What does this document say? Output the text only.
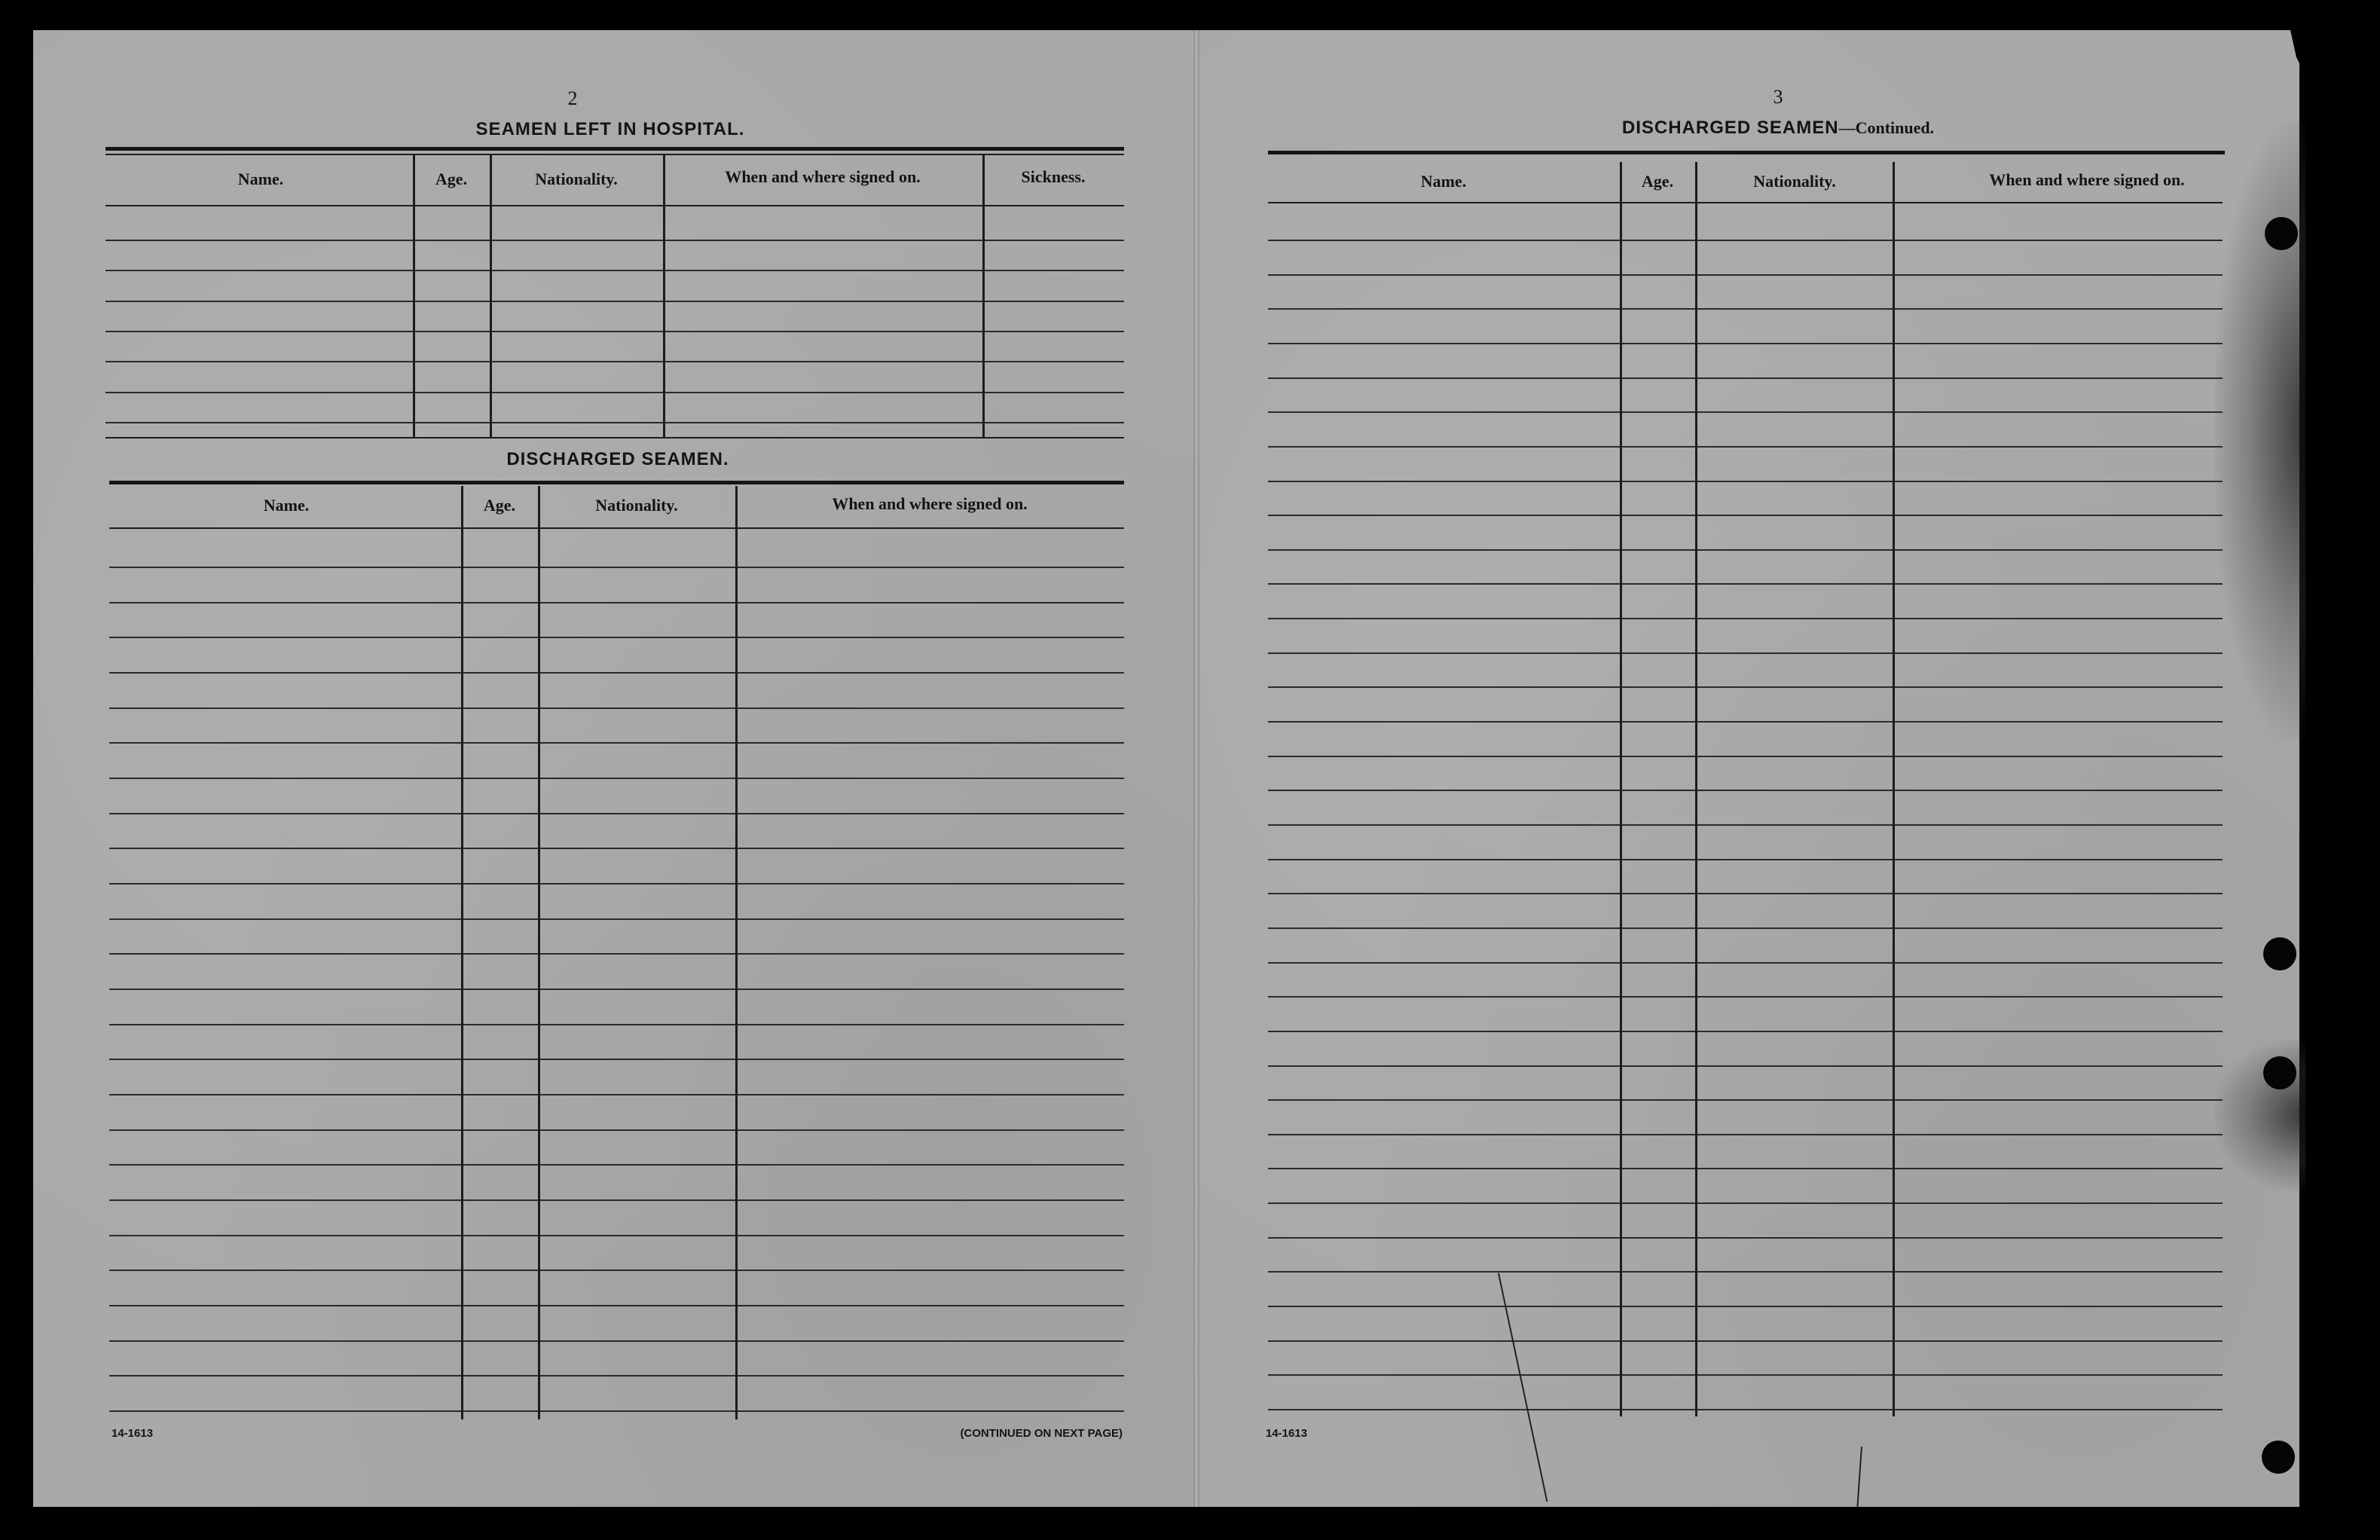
2
SEAMEN LEFT IN HOSPITAL.
Name.	Age.	Nationality.	When and where signed on.	Sickness.
DISCHARGED SEAMEN.
Name.	Age.	Nationality.	When and where signed on.
14-1613	(CONTINUED ON NEXT PAGE)
3
DISCHARGED SEAMEN—Continued.
Name.	Age.	Nationality.	When and where signed on.
14-1613
